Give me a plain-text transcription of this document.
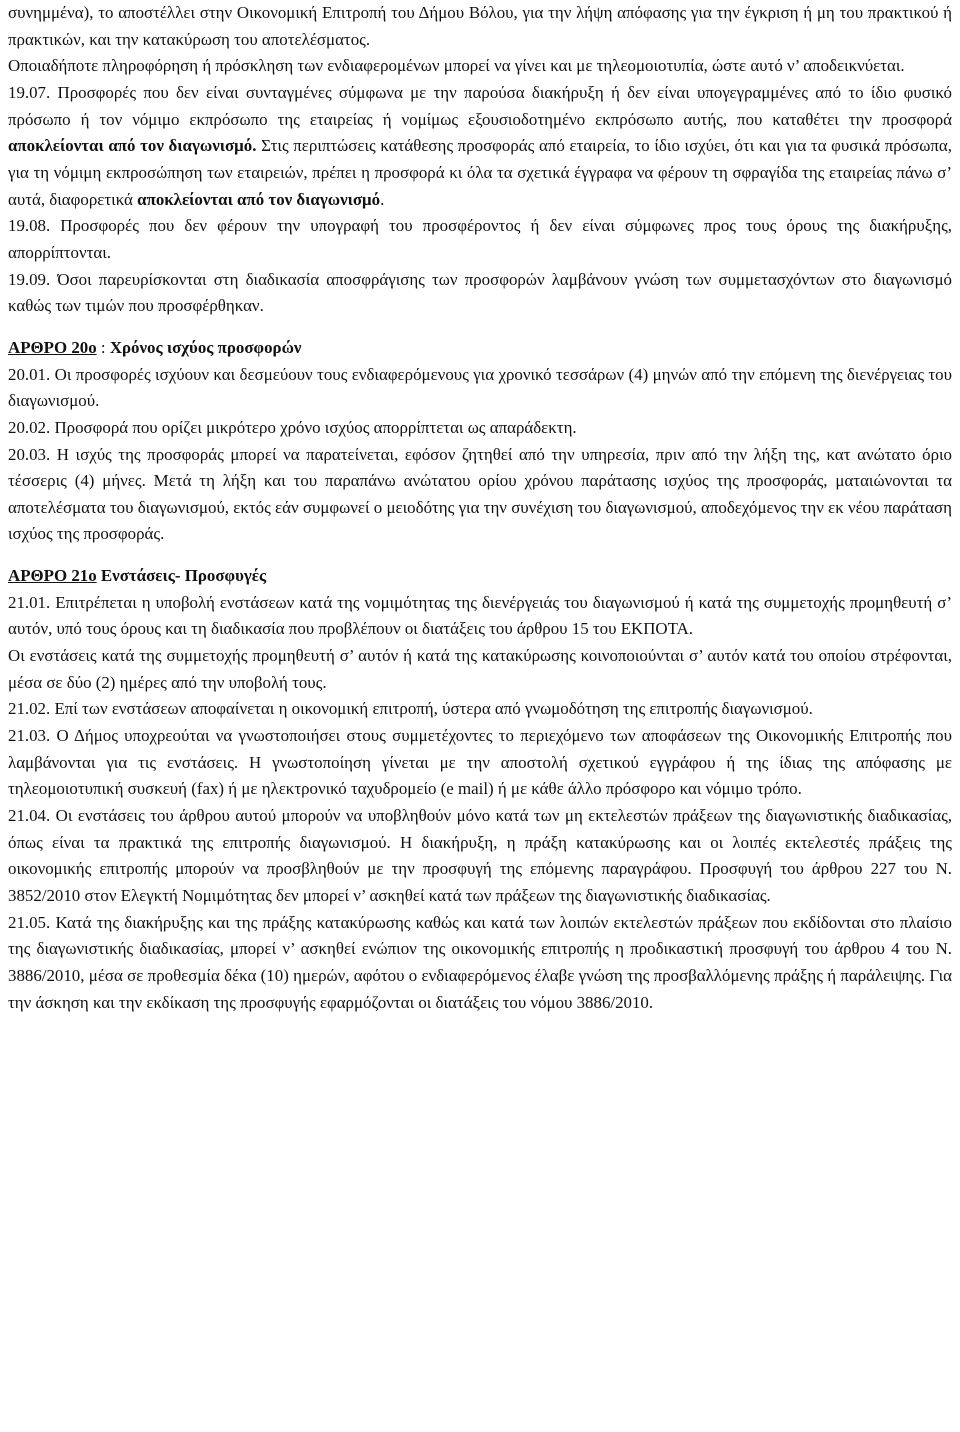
συνημμένα), το αποστέλλει στην Οικονομική Επιτροπή του Δήμου Βόλου, για την λήψη απόφασης για την έγκριση ή μη του πρακτικού ή πρακτικών, και την κατακύρωση του αποτελέσματος.

Οποιαδήποτε πληροφόρηση ή πρόσκληση των ενδιαφερομένων μπορεί να γίνει και με τηλεομοιοτυπία, ώστε αυτό ν’ αποδεικνύεται.

19.07. Προσφορές που δεν είναι συνταγμένες σύμφωνα με την παρούσα διακήρυξη ή δεν είναι υπογεγραμμένες από το ίδιο φυσικό πρόσωπο ή τον νόμιμο εκπρόσωπο της εταιρείας ή νομίμως εξουσιοδοτημένο εκπρόσωπο αυτής, που καταθέτει την προσφορά αποκλείονται από τον διαγωνισμό. Στις περιπτώσεις κατάθεσης προσφοράς από εταιρεία, το ίδιο ισχύει, ότι και για τα φυσικά πρόσωπα, για τη νόμιμη εκπροσώπηση των εταιρειών, πρέπει η προσφορά κι όλα τα σχετικά έγγραφα να φέρουν τη σφραγίδα της εταιρείας πάνω σ’ αυτά, διαφορετικά αποκλείονται από τον διαγωνισμό.

19.08. Προσφορές που δεν φέρουν την υπογραφή του προσφέροντος ή δεν είναι σύμφωνες προς τους όρους της διακήρυξης, απορρίπτονται.

19.09. Όσοι παρευρίσκονται στη διαδικασία αποσφράγισης των προσφορών λαμβάνουν γνώση των συμμετασχόντων στο διαγωνισμό καθώς των τιμών που προσφέρθηκαν.

ΑΡΘΡΟ 20ο : Χρόνος ισχύος προσφορών

20.01. Οι προσφορές ισχύουν και δεσμεύουν τους ενδιαφερόμενους για χρονικό τεσσάρων (4) μηνών από την επόμενη της διενέργειας του διαγωνισμού.

20.02. Προσφορά που ορίζει μικρότερο χρόνο ισχύος απορρίπτεται ως απαράδεκτη.

20.03. Η ισχύς της προσφοράς μπορεί να παρατείνεται, εφόσον ζητηθεί από την υπηρεσία, πριν από την λήξη της, κατ ανώτατο όριο τέσσερις (4) μήνες. Μετά τη λήξη και του παραπάνω ανώτατου ορίου χρόνου παράτασης ισχύος της προσφοράς, ματαιώνονται τα αποτελέσματα του διαγωνισμού, εκτός εάν συμφωνεί ο μειοδότης για την συνέχιση του διαγωνισμού, αποδεχόμενος την εκ νέου παράταση ισχύος της προσφοράς.

ΑΡΘΡΟ 21ο Ενστάσεις- Προσφυγές

21.01. Επιτρέπεται η υποβολή ενστάσεων κατά της νομιμότητας της διενέργειάς του διαγωνισμού ή κατά της συμμετοχής προμηθευτή σ’ αυτόν, υπό τους όρους και τη διαδικασία που προβλέπουν οι διατάξεις του άρθρου 15 του ΕΚΠΟΤΑ.

Οι ενστάσεις κατά της συμμετοχής προμηθευτή σ’ αυτόν ή κατά της κατακύρωσης κοινοποιούνται σ’ αυτόν κατά του οποίου στρέφονται, μέσα σε δύο (2) ημέρες από την υποβολή τους.

21.02. Επί των ενστάσεων αποφαίνεται η οικονομική επιτροπή, ύστερα από γνωμοδότηση της επιτροπής διαγωνισμού.

21.03. Ο Δήμος υποχρεούται να γνωστοποιήσει στους συμμετέχοντες το περιεχόμενο των αποφάσεων της Οικονομικής Επιτροπής που λαμβάνονται για τις ενστάσεις. Η γνωστοποίηση γίνεται με την αποστολή σχετικού εγγράφου ή της ίδιας της απόφασης με τηλεομοιοτυπική συσκευή (fax) ή με ηλεκτρονικό ταχυδρομείο (e mail) ή με κάθε άλλο πρόσφορο και νόμιμο τρόπο.

21.04. Οι ενστάσεις του άρθρου αυτού μπορούν να υποβληθούν μόνο κατά των μη εκτελεστών πράξεων της διαγωνιστικής διαδικασίας, όπως είναι τα πρακτικά της επιτροπής διαγωνισμού. Η διακήρυξη, η πράξη κατακύρωσης και οι λοιπές εκτελεστές πράξεις της οικονομικής επιτροπής μπορούν να προσβληθούν με την προσφυγή της επόμενης παραγράφου. Προσφυγή του άρθρου 227 του Ν. 3852/2010 στον Ελεγκτή Νομιμότητας δεν μπορεί ν’ ασκηθεί κατά των πράξεων της διαγωνιστικής διαδικασίας.

21.05. Κατά της διακήρυξης και της πράξης κατακύρωσης καθώς και κατά των λοιπών εκτελεστών πράξεων που εκδίδονται στο πλαίσιο της διαγωνιστικής διαδικασίας, μπορεί ν’ ασκηθεί ενώπιον της οικονομικής επιτροπής η προδικαστική προσφυγή του άρθρου 4 του Ν. 3886/2010, μέσα σε προθεσμία δέκα (10) ημερών, αφότου ο ενδιαφερόμενος έλαβε γνώση της προσβαλλόμενης πράξης ή παράλειψης. Για την άσκηση και την εκδίκαση της προσφυγής εφαρμόζονται οι διατάξεις του νόμου 3886/2010.
